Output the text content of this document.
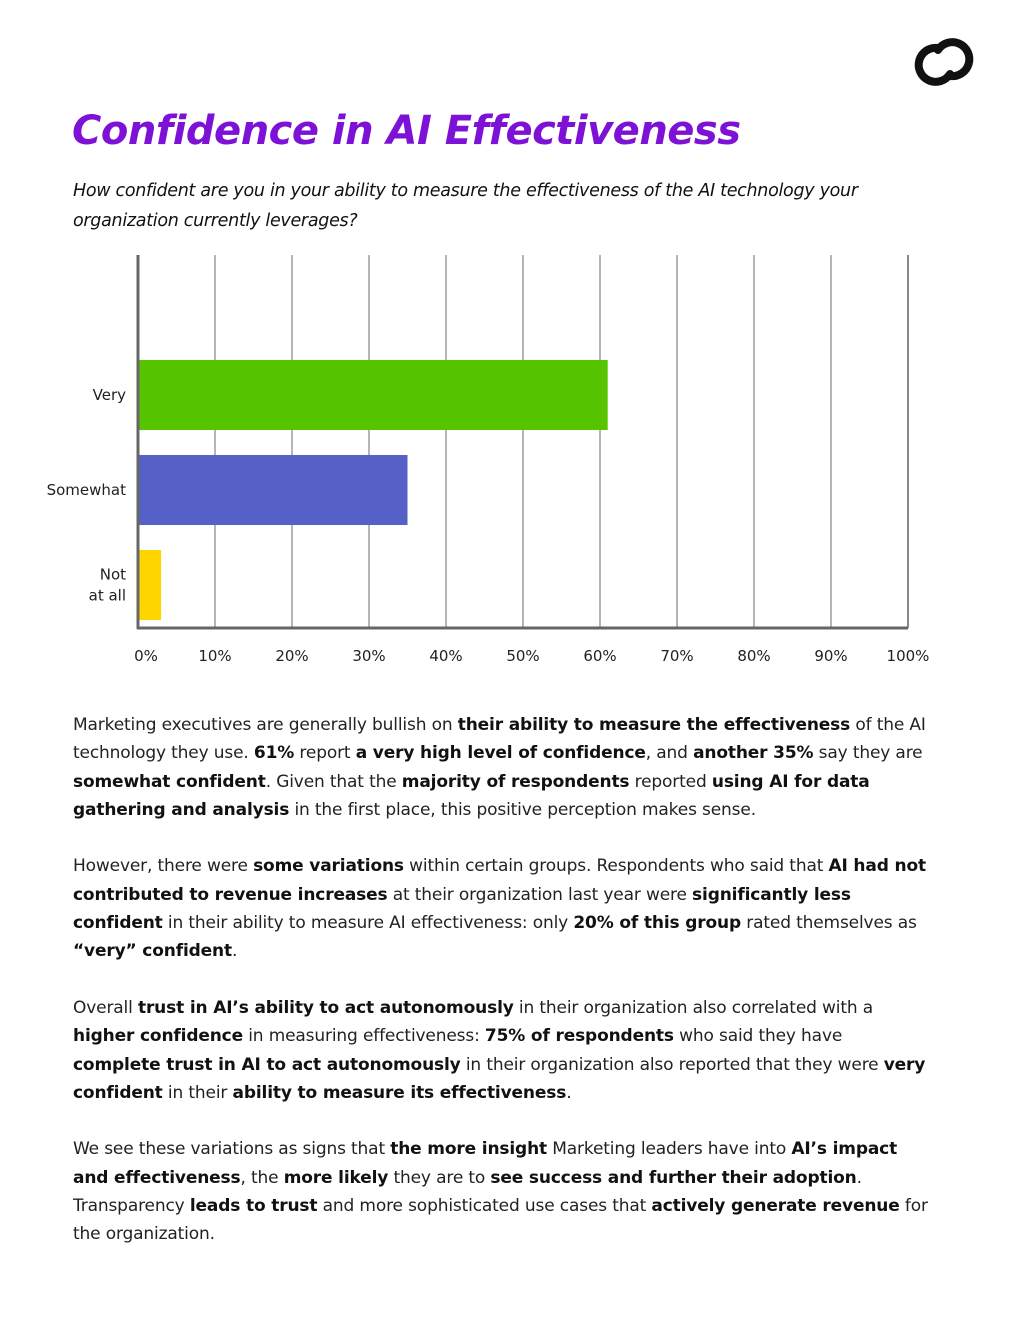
Confidence in AI Effectiveness

How confident are you in your ability to measure the effectiveness of the AI technology your organization currently leverages?

0%	10%	20%	30%	40%	50%	60%	70%	80%	90%	100%
Very
Somewhat
Not at all

Marketing executives are generally bullish on their ability to measure the effectiveness of the AI technology they use. 61% report a very high level of confidence, and another 35% say they are somewhat confident. Given that the majority of respondents reported using AI for data gathering and analysis in the first place, this positive perception makes sense.

However, there were some variations within certain groups. Respondents who said that AI had not contributed to revenue increases at their organization last year were significantly less confident in their ability to measure AI effectiveness: only 20% of this group rated themselves as “very” confident.

Overall trust in AI’s ability to act autonomously in their organization also correlated with a higher confidence in measuring effectiveness: 75% of respondents who said they have complete trust in AI to act autonomously in their organization also reported that they were very confident in their ability to measure its effectiveness.

We see these variations as signs that the more insight Marketing leaders have into AI’s impact and effectiveness, the more likely they are to see success and further their adoption. Transparency leads to trust and more sophisticated use cases that actively generate revenue for the organization.
